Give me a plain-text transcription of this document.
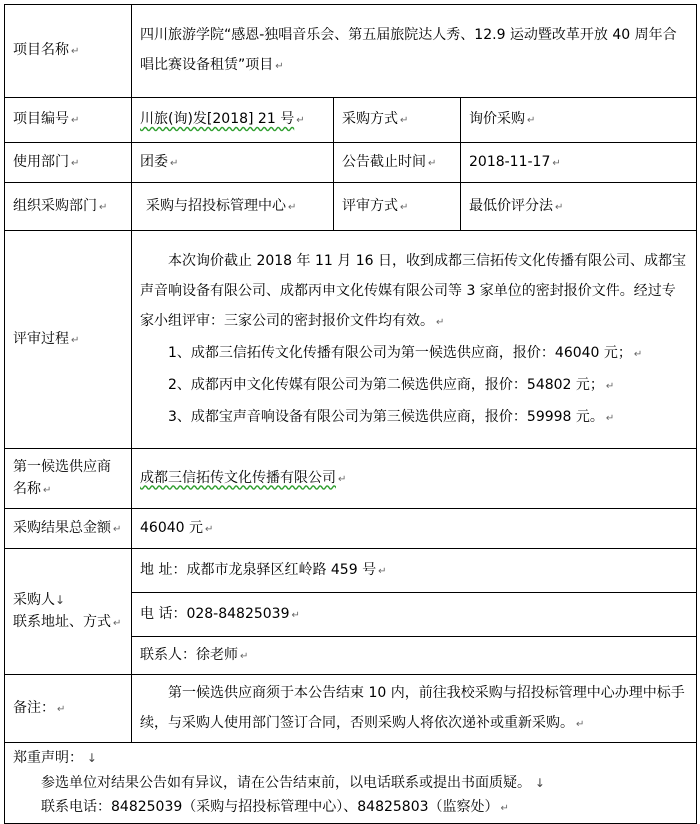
项目名称 ↵	四川旅游学院“感恩-独唱音乐会、第五届旅院达人秀、12.9 运动暨改革开放 40 周年合唱比赛设备租赁”项目 ↵		

项目编号 ↵	川旅(询)发[2018] 21 号 ↵	采购方式 ↵	询价采购 ↵
使用部门 ↵	团委 ↵	公告截止时间 ↵	2018-11-17 ↵
组织采购部门 ↵	采购与招投标管理中心 ↵	评审方式 ↵	最低价评分法 ↵
评审过程 ↵	本次询价截止 2018 年 11 月 16 日，收到成都三信拓传文化传播有限公司、成都宝声音响设备有限公司、成都丙申文化传媒有限公司等 3 家单位的密封报价文件。经过专家小组评审：三家公司的密封报价文件均有效。 ↵

1、成都三信拓传文化传播有限公司为第一候选供应商，报价：46040 元； ↵

2、成都丙申文化传媒有限公司为第二候选供应商，报价：54802 元； ↵

3、成都宝声音响设备有限公司为第三候选供应商，报价：59998 元。 ↵		

第一候选供应商名称 ↵	成都三信拓传文化传播有限公司 ↵		
采购结果总金额 ↵	46040 元 ↵		

采购人↓
联系地址、方式 ↵	地 址：成都市龙泉驿区红岭路 459 号 ↵		
	电 话：028-84825039 ↵		
	联系人：徐老师 ↵		
备注： ↵	第一候选供应商须于本公告结束 10 内，前往我校采购与招投标管理中心办理中标手续，与采购人使用部门签订合同，否则采购人将依次递补或重新采购。 ↵		

郑重声明： ↓

参选单位对结果公告如有异议，请在公告结束前，以电话联系或提出书面质疑。 ↓

联系电话：84825039（采购与招投标管理中心）、84825803（监察处） ↵			
